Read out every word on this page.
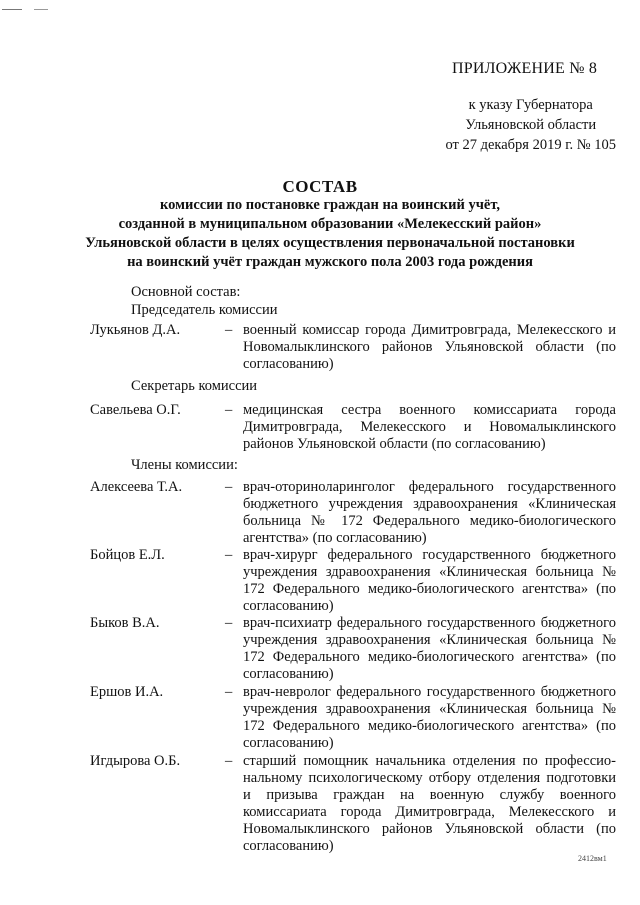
ПРИЛОЖЕНИЕ № 8
к указу Губернатора
Ульяновской области
от 27 декабря 2019 г. № 105
СОСТАВ
комиссии по постановке граждан на воинский учёт,
созданной в муниципальном образовании «Мелекесский район»
Ульяновской области в целях осуществления первоначальной постановки
на воинский учёт граждан мужского пола 2003 года рождения
Основной состав:
Председатель комиссии
Лукьянов Д.А.	– военный комиссар города Димитровграда, Мелекесского и Новомалыклинского районов Ульяновской области (по согласованию)
Секретарь комиссии
Савельева О.Г.	– медицинская сестра военного комиссариата города Димитровграда, Мелекесского и Новомалыклинского районов Ульяновской области (по согласованию)
Члены комиссии:
Алексеева Т.А.	– врач-оториноларинголог федерального государственного бюджетного учреждения здравоохранения «Клиническая больница № 172 Федерального медико-биологического агентства» (по согласованию)
Бойцов Е.Л.	– врач-хирург федерального государственного бюджетного учреждения здравоохранения «Клиническая больница № 172 Федерального медико-биологического агентства» (по согласованию)
Быков В.А.	– врач-психиатр федерального государственного бюджетного учреждения здравоохранения «Клиническая больница № 172 Федерального медико-биологического агентства» (по согласованию)
Ершов И.А.	– врач-невролог федерального государственного бюджетного учреждения здравоохранения «Клиническая больница № 172 Федерального медико-биологического агентства» (по согласованию)
Игдырова О.Б.	– старший помощник начальника отделения по профессиональному психологическому отбору отделения подготовки и призыва граждан на военную службу военного комиссариата города Димитровграда, Мелекесского и Новомалыклинского районов Ульяновской области (по согласованию)
2412вм1
